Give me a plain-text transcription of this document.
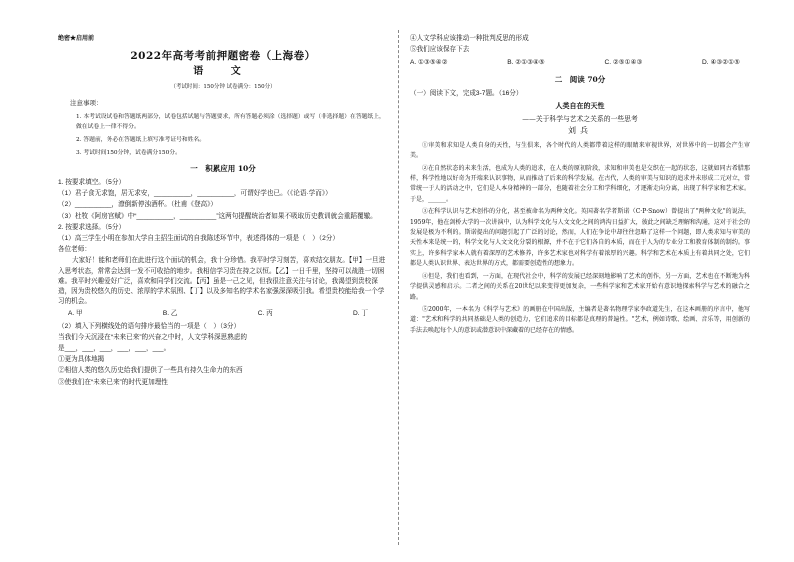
绝密★启用前
2022年高考考前押题密卷（上海卷）
语 文
（考试时间：150分钟 试卷满分：150分）
注意事项：
1. 本考试设试卷和答题纸两部分，试卷包括试题与答题要求，所有答题必须涂（选择题）或写（非选择题）在答题纸上，做在试卷上一律不得分。
2. 答题前，务必在答题纸上填写准考证号和姓名。
3. 考试时间150分钟，试卷满分150分。
一　积累应用 10分
1. 按要求填空。（5分）
（1）君子食无求饱，居无求安，__________，__________，可谓好学也已。（《论语·学而》）
（2）__________，潦倒新停浊酒杯。（杜甫《登高》）
（3）杜牧《阿房宫赋》中“__________，__________”这两句提醒统治者如果不吸取历史教训就会重蹈覆辙。
2. 按要求选择。（5分）
（1）高三学生小明在参加大学自主招生面试的自我陈述环节中，表述得体的一项是（　）（2分）
各位老师：
大家好！能和老师们在此进行这个面试的机会，我十分珍惜。我平时学习刻苦，喜欢结交朋友。【甲】一旦进入思考状态，常常会达到一发不可收拾的地步。我相信学习贵在持之以恒。【乙】一日千里，坚持可以战胜一切困难。我平时兴趣爱好广泛，喜欢和同学们交流。【丙】虽是一己之见，但我很注意关注与讨论，我渴望到贵校深造，因为贵校悠久的历史、浓厚的学术氛围、【丁】以及多知名的学术名家强深深吸引我。希望贵校能给我一个学习的机会。
A. 甲	B. 乙	C. 丙	D. 丁
（2）填入下列横线处的语句排序最恰当的一项是（　）（3分）
当我们今天沉浸在“未来已来”的兴奋之中时，人文学科深思熟虑的
是___，___，___，___，___，___。
①更为具体地揭
②相信人类的悠久历史给我们提供了一些具有持久生命力的东西
③使我们在“未来已来”的时代更加理性
④人文学科应该推动一种批判反思的形成
⑤我们应该保存下去
A. ①③⑤④②	B. ②①③④⑤	C. ②⑤①④③	D. ④③②①⑤
二　阅读 70分
（一）阅读下文，完成3-7题。（16分）
人类自在的天性
——关于科学与艺术之关系的一些思考
刘兵
①审美和求知是人类自身的天性，与生俱来，各个时代的人类都带着这样的眼睛来审视世界，对世界中的一切都会产生审美。
②在自然状态的未来生活，也成为人类的追求，在人类的原初阶段，求知和审美也是交织在一起的状态，这就如同古希腊那样，科学性地以好奇为开端来认识事物，从而推动了后来的科学发展。在古代，人类的审美与知识的追求并未形成二元对立，常常统一于人的活动之中，它们是人本身精神的一部分，也随着社会分工和学科细化，才逐渐走向分离，出现了科学家和艺术家。于是，______。
③在科学认识与艺术创作的分化，甚至被命名为两种文化。英国著名学者斯诺（C·P·Snow）曾提出了"两种文化"的说法，1959年，他在剑桥大学的一次讲演中，认为科学文化与人文文化之间的鸿沟日益扩大，彼此之间缺乏理解和沟通，这对于社会的发展是极为不利的。斯诺提出的问题引起了广泛的讨论，然而，人们在争论中却往往忽略了这样一个问题，即人类求知与审美的天性本来是统一的，科学文化与人文文化分裂的根源，并不在于它们各自的本质，而在于人为的专业分工和教育体制的制约。事实上，许多科学家本人就有着深厚的艺术修养，许多艺术家也对科学有着浓厚的兴趣。科学和艺术在本质上有着共同之处，它们都是人类认识世界、表达世界的方式，都需要创造性的想象力。
④但是，我们也看到，一方面，在现代社会中，科学的发展已经深刻地影响了艺术的创作，另一方面，艺术也在不断地为科学提供灵感和启示。二者之间的关系在20世纪以来变得更加复杂，一些科学家和艺术家开始有意识地探索科学与艺术的融合之路。
⑤2000年，一本名为《科学与艺术》的画册在中国出版，主编者是著名物理学家李政道先生，在这本画册的序言中，他写道："艺术和科学的共同基础是人类的创造力，它们追求的目标都是真理的普遍性。"艺术，例如诗歌、绘画、音乐等，用创新的手法去唤起每个人的意识或潜意识中深藏着的已经存在的情感。
